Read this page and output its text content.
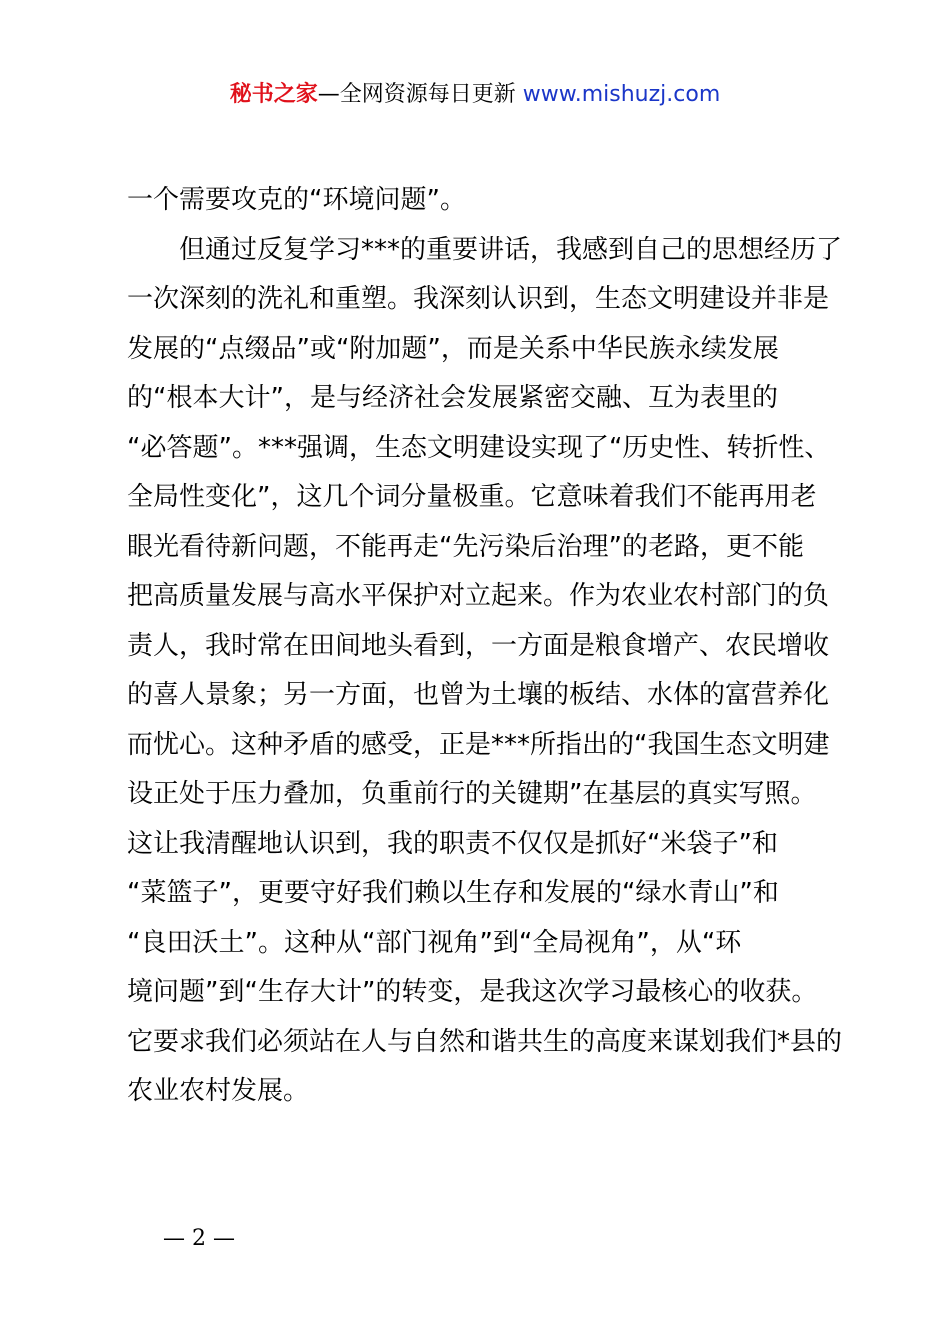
秘书之家—全网资源每日更新 www.mishuzj.com
一个需要攻克的“环境问题”。
　　但通过反复学习***的重要讲话，我感到自己的思想经历了
一次深刻的洗礼和重塑。我深刻认识到，生态文明建设并非是
发展的“点缀品”或“附加题”，而是关系中华民族永续发展
的“根本大计”，是与经济社会发展紧密交融、互为表里的
“必答题”。***强调，生态文明建设实现了“历史性、转折性、
全局性变化”，这几个词分量极重。它意味着我们不能再用老
眼光看待新问题，不能再走“先污染后治理”的老路，更不能
把高质量发展与高水平保护对立起来。作为农业农村部门的负
责人，我时常在田间地头看到，一方面是粮食增产、农民增收
的喜人景象；另一方面，也曾为土壤的板结、水体的富营养化
而忧心。这种矛盾的感受，正是***所指出的“我国生态文明建
设正处于压力叠加，负重前行的关键期”在基层的真实写照。
这让我清醒地认识到，我的职责不仅仅是抓好“米袋子”和
“菜篮子”，更要守好我们赖以生存和发展的“绿水青山”和
“良田沃土”。这种从“部门视角”到“全局视角”，从“环
境问题”到“生存大计”的转变，是我这次学习最核心的收获。
它要求我们必须站在人与自然和谐共生的高度来谋划我们*县的
农业农村发展。
— 2 —
